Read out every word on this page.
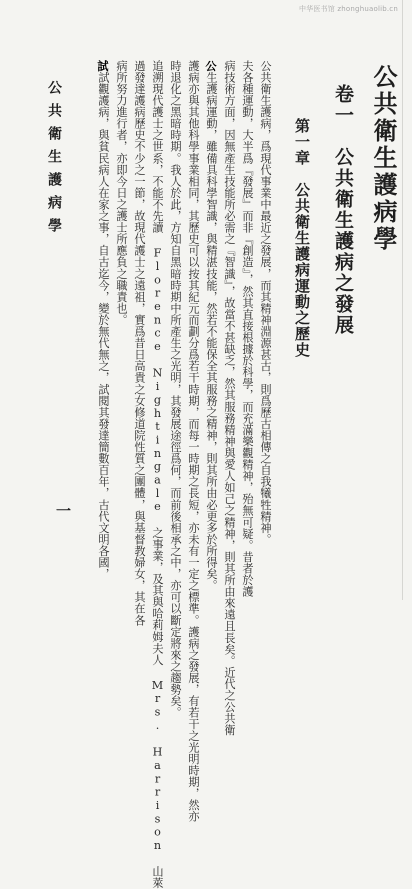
中华医书馆 zhonghuaolib.cn
公共衛生護病學
卷一　公共衛生護病之發展
第一章　公共衛生護病運動之歷史
公共衛生護病，爲現代事業中最近之發展，而其精神淵源甚古，則爲歷古相傳之自我犧牲精神。
夫各種運動，大半爲『發展』而非『創造』，然其直接根據於科學，而充滿樂觀精神，殆無可疑。昔者於護
病技術方面，因無產生技能所必需之『智識』，故當不甚缺乏，然其服務精神與愛人如己之精神，則其所由來遠且長矣。近代之公共衛
公生護病運動，雖備具科學智識，與精湛技能，然若不能保全其服務之精神，則其所由必更多於所得矣。
護病亦與其他科學事業相同，其歷史可以按其紀元而劃分爲若干時期，而每一時期之長短，亦未有一定之標準。護病之發展，有若干之光明時期，然亦
時退化之黑暗時期。我人於此，方知自黑暗時期中所產生之光明，其發展途徑爲何，而前後相承之中，亦可以斷定將來之趨勢矣。
追溯現代護士之世系，不能不先讀 Florence Nightingale 之事業，及其與哈莉姆夫人 Mrs. Harrison 山萊
過發達護病歷史不少之一節，故現代護士之遠祖，實爲昔日高貴之女修道院性質之團體，與基督教婦女，其在各
病所努力進行者，亦即今日之護士所應負之職責也。
試試觀護病，與貧民病人在家之事，自古迄今，變於無代無之，試閱其發達簡數百年，古代文明各國，
公共衛生護病學
一
